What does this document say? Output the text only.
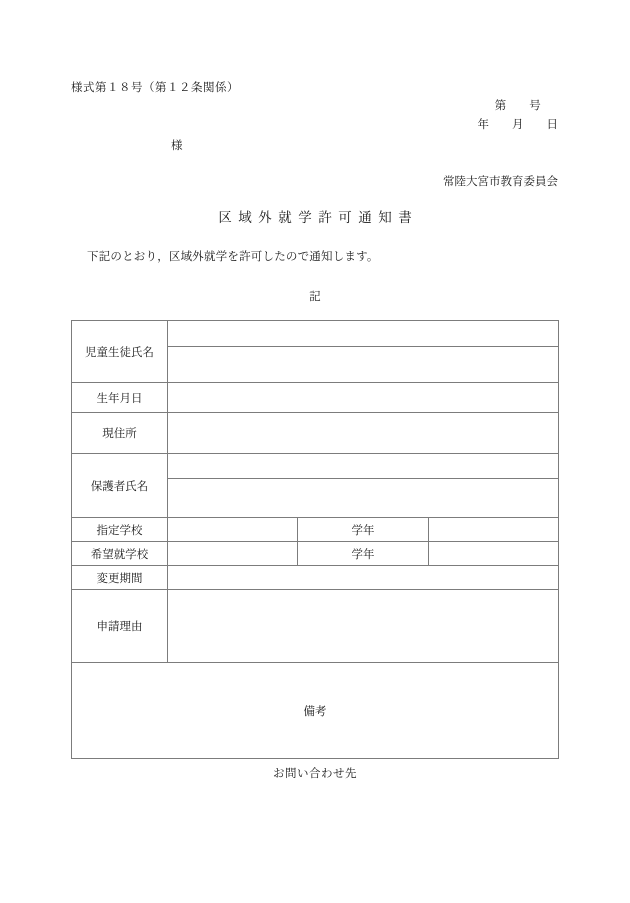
様式第１８号（第１２条関係）
第　　号
年　　月　　日
様
常陸大宮市教育委員会
区域外就学許可通知書
下記のとおり，区域外就学を許可したので通知します。
記
児童生徒氏名			

生年月日			
現住所			
保護者氏名			

指定学校		学年	
希望就学校		学年	
変更期間			
申請理由			
備考			
お問い合わせ先
